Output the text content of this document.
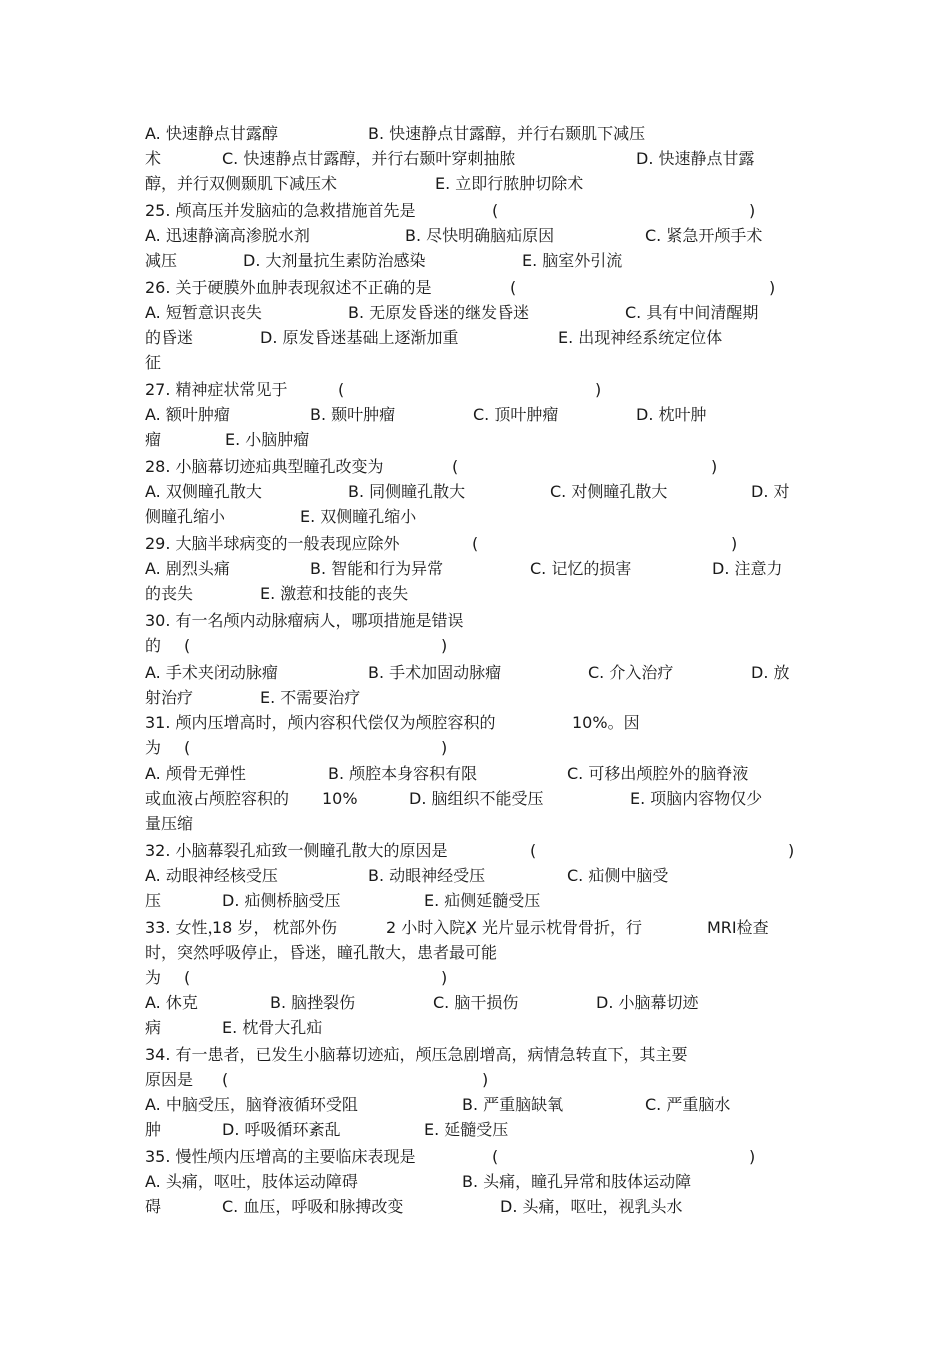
A. 快速静点甘露醇	B. 快速静点甘露醇，并行右颞肌下减压
术	C. 快速静点甘露醇，并行右颞叶穿刺抽脓	D. 快速静点甘露
醇，并行双侧颞肌下减压术	E. 立即行脓肿切除术
25. 颅高压并发脑疝的急救措施首先是	(	)
A. 迅速静滴高渗脱水剂	B. 尽快明确脑疝原因	C. 紧急开颅手术
减压	D. 大剂量抗生素防治感染	E. 脑室外引流
26. 关于硬膜外血肿表现叙述不正确的是	(	)
A. 短暂意识丧失	B. 无原发昏迷的继发昏迷	C. 具有中间清醒期
的昏迷	D. 原发昏迷基础上逐渐加重	E. 出现神经系统定位体
征
27. 精神症状常见于	(	)
A. 额叶肿瘤	B. 颞叶肿瘤	C. 顶叶肿瘤	D. 枕叶肿
瘤	E. 小脑肿瘤
28. 小脑幕切迹疝典型瞳孔改变为	(	)
A. 双侧瞳孔散大	B. 同侧瞳孔散大	C. 对侧瞳孔散大	D. 对
侧瞳孔缩小	E. 双侧瞳孔缩小
29. 大脑半球病变的一般表现应除外	(	)
A. 剧烈头痛	B. 智能和行为异常	C. 记忆的损害	D. 注意力
的丧失	E. 激惹和技能的丧失
30. 有一名颅内动脉瘤病人，哪项措施是错误
的 (	)
A. 手术夹闭动脉瘤	B. 手术加固动脉瘤	C. 介入治疗	D. 放
射治疗	E. 不需要治疗
31. 颅内压增高时，颅内容积代偿仅为颅腔容积的	10%。因
为 (	)
A. 颅骨无弹性	B. 颅腔本身容积有限	C. 可移出颅腔外的脑脊液
或血液占颅腔容积的 10%	D. 脑组织不能受压	E. 项脑内容物仅少
量压缩
32. 小脑幕裂孔疝致一侧瞳孔散大的原因是	(	)
A. 动眼神经核受压	B. 动眼神经受压	C. 疝侧中脑受
压	D. 疝侧桥脑受压	E. 疝侧延髓受压
33. 女性，
18 岁， 枕部外伤	2 小时入院。
X 光片显示枕骨骨折，行	MRI检查
时，突然呼吸停止，昏迷，瞳孔散大，患者最可能
为 (	)
A. 休克	B. 脑挫裂伤	C. 脑干损伤	D. 小脑幕切迹
病	E. 枕骨大孔疝
34. 有一患者，已发生小脑幕切迹疝，颅压急剧增高，病情急转直下，其主要
原因是 (	)
A. 中脑受压，脑脊液循环受阻	B. 严重脑缺氧	C. 严重脑水
肿	D. 呼吸循环紊乱	E. 延髓受压
35. 慢性颅内压增高的主要临床表现是	(	)
A. 头痛，呕吐，肢体运动障碍	B. 头痛，瞳孔异常和肢体运动障
碍	C. 血压，呼吸和脉搏改变	D. 头痛，呕吐，视乳头水
